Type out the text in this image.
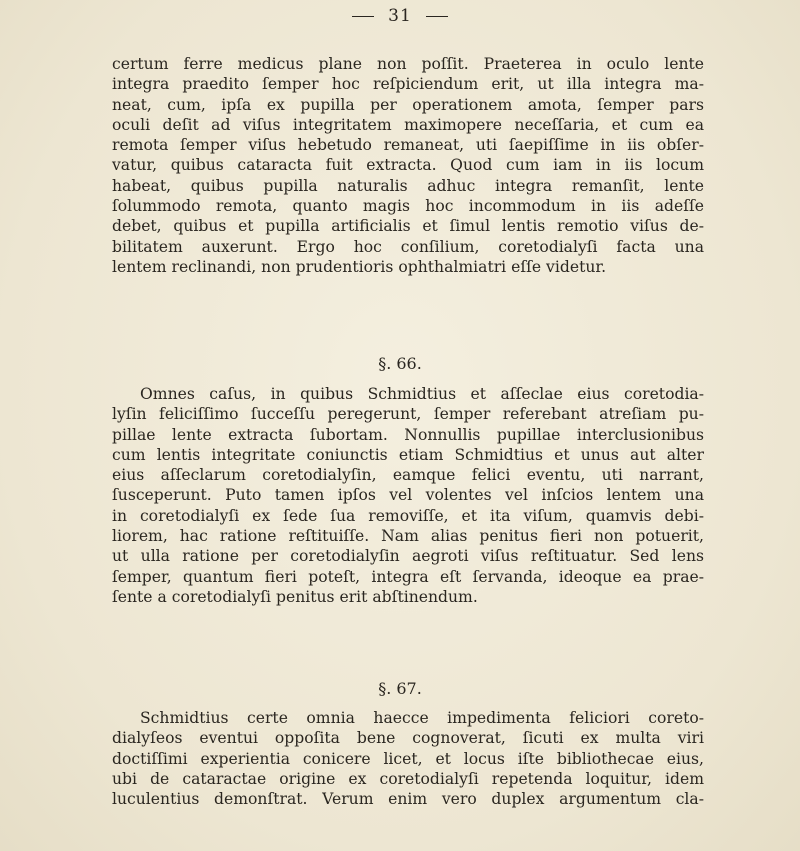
31
certum ferre medicus plane non poſſit. Praeterea in oculo lente
integra praedito ſemper hoc reſpiciendum erit, ut illa integra ma-
neat, cum, ipſa ex pupilla per operationem amota, ſemper pars
oculi deſit ad viſus integritatem maximopere neceſſaria, et cum ea
remota ſemper viſus hebetudo remaneat, uti ſaepiſſime in iis obſer-
vatur, quibus cataracta fuit extracta. Quod cum iam in iis locum
habeat, quibus pupilla naturalis adhuc integra remanſit, lente
ſolummodo remota, quanto magis hoc incommodum in iis adeſſe
debet, quibus et pupilla artificialis et ſimul lentis remotio viſus de-
bilitatem auxerunt. Ergo hoc conſilium, coretodialyſi facta una
lentem reclinandi, non prudentioris ophthalmiatri eſſe videtur.
§. 66.
Omnes caſus, in quibus Schmidtius et aſſeclae eius coretodia-
lyſin feliciſſimo ſucceſſu peregerunt, ſemper referebant atreſiam pu-
pillae lente extracta ſubortam. Nonnullis pupillae interclusionibus
cum lentis integritate coniunctis etiam Schmidtius et unus aut alter
eius aſſeclarum coretodialyſin, eamque felici eventu, uti narrant,
ſusceperunt. Puto tamen ipſos vel volentes vel inſcios lentem una
in coretodialyſi ex ſede ſua removiſſe, et ita viſum, quamvis debi-
liorem, hac ratione reſtituiſſe. Nam alias penitus fieri non potuerit,
ut ulla ratione per coretodialyſin aegroti viſus reſtituatur. Sed lens
ſemper, quantum fieri poteſt, integra eſt ſervanda, ideoque ea prae-
ſente a coretodialyſi penitus erit abſtinendum.
§. 67.
Schmidtius certe omnia haecce impedimenta feliciori coreto-
dialyſeos eventui oppoſita bene cognoverat, ſicuti ex multa viri
doctiſſimi experientia conicere licet, et locus iſte bibliothecae eius,
ubi de cataractae origine ex coretodialyſi repetenda loquitur, idem
luculentius demonſtrat. Verum enim vero duplex argumentum cla-
